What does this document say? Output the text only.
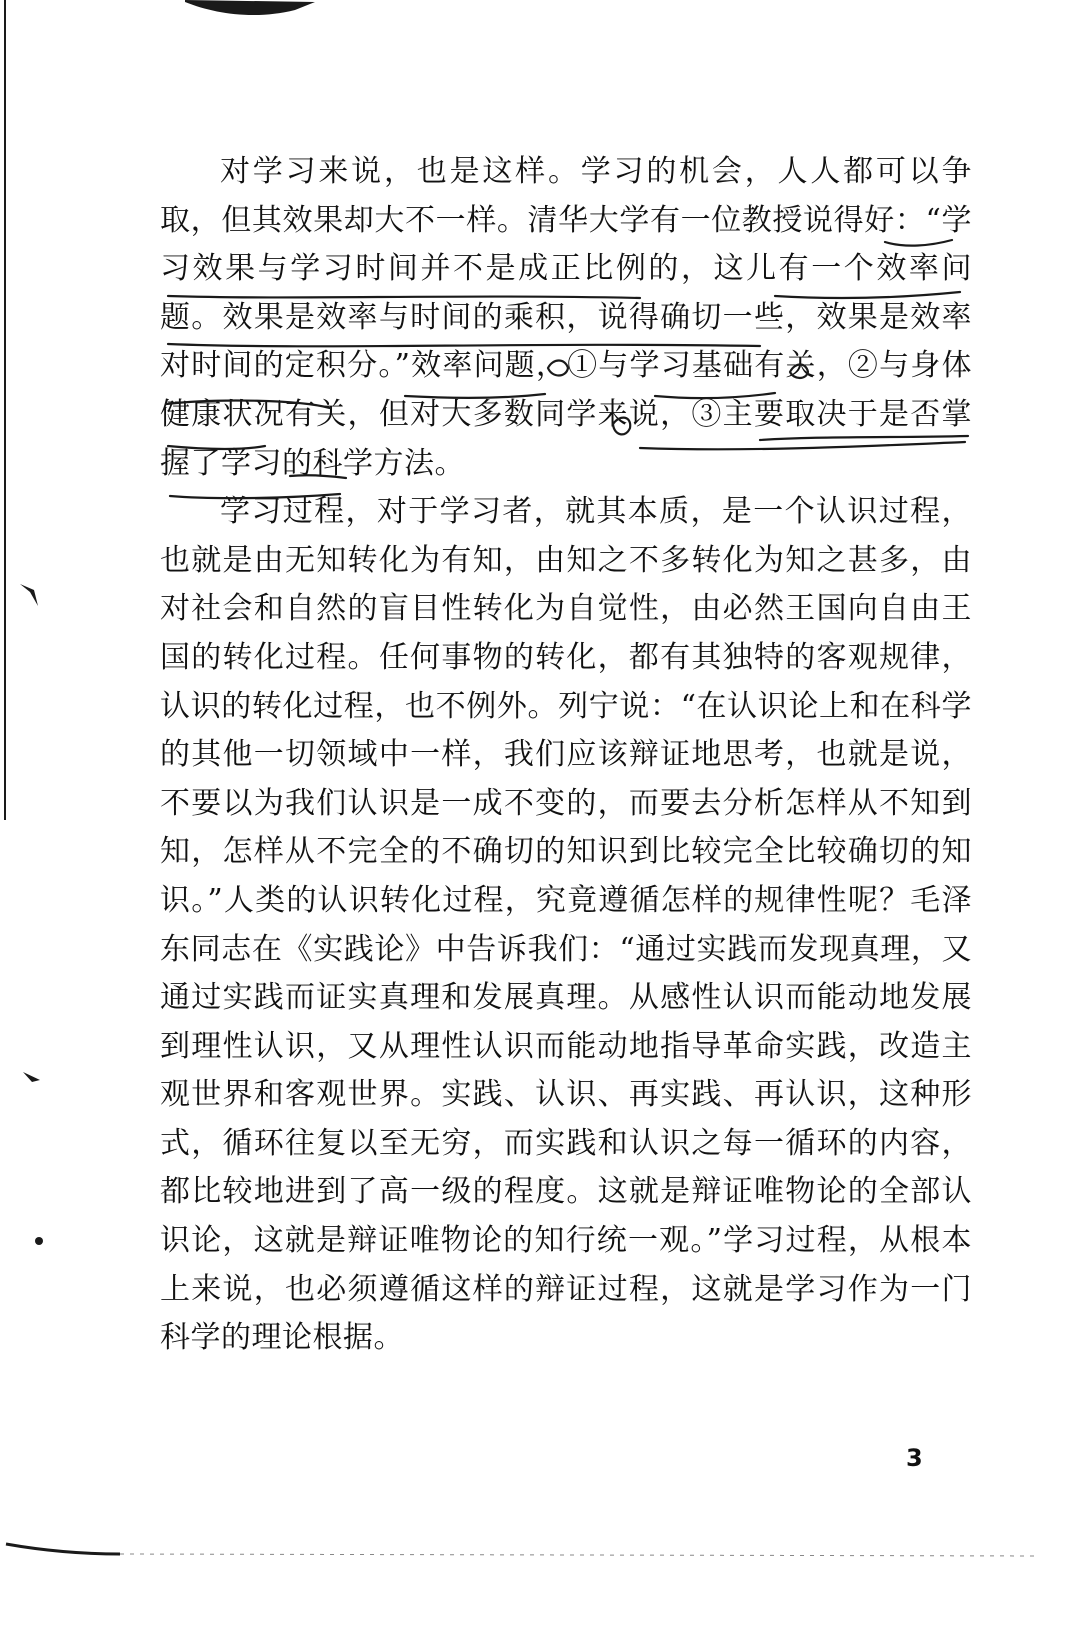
对学习来说，也是这样。学习的机会，人人都可以争取，但其效果却大不一样。清华大学有一位教授说得好：“学习效果与学习时间并不是成正比例的，这儿有一个效率问题。效果是效率与时间的乘积，说得确切一些，效果是效率对时间的定积分。”效率问题，①与学习基础有关，②与身体健康状况有关，但对大多数同学来说，③主要取决于是否掌握了学习的科学方法。

学习过程，对于学习者，就其本质，是一个认识过程，也就是由无知转化为有知，由知之不多转化为知之甚多，由对社会和自然的盲目性转化为自觉性，由必然王国向自由王国的转化过程。任何事物的转化，都有其独特的客观规律，认识的转化过程，也不例外。列宁说：“在认识论上和在科学的其他一切领域中一样，我们应该辩证地思考，也就是说，不要以为我们认识是一成不变的，而要去分析怎样从不知到知，怎样从不完全的不确切的知识到比较完全比较确切的知识。”人类的认识转化过程，究竟遵循怎样的规律性呢？毛泽东同志在《实践论》中告诉我们：“通过实践而发现真理，又通过实践而证实真理和发展真理。从感性认识而能动地发展到理性认识，又从理性认识而能动地指导革命实践，改造主观世界和客观世界。实践、认识、再实践、再认识，这种形式，循环往复以至无穷，而实践和认识之每一循环的内容，都比较地进到了高一级的程度。这就是辩证唯物论的全部认识论，这就是辩证唯物论的知行统一观。”学习过程，从根本上来说，也必须遵循这样的辩证过程，这就是学习作为一门科学的理论根据。

3
